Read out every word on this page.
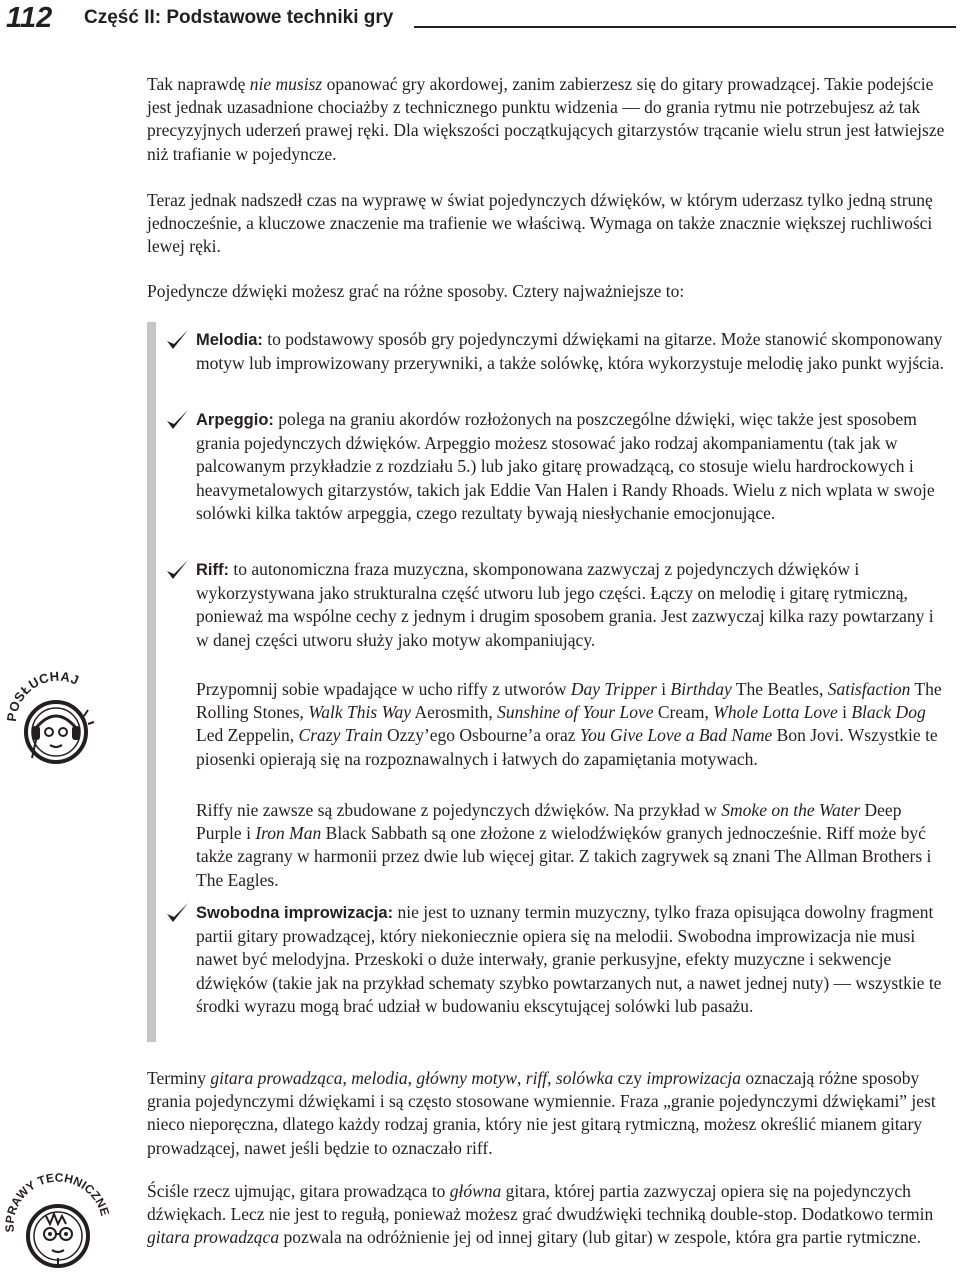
112 Część II: Podstawowe techniki gry

Tak naprawdę nie musisz opanować gry akordowej, zanim zabierzesz się do gitary prowadzącej. Takie podejście jest jednak uzasadnione chociażby z technicznego punktu widzenia — do grania rytmu nie potrzebujesz aż tak precyzyjnych uderzeń prawej ręki. Dla większości początkujących gitarzystów trącanie wielu strun jest łatwiejsze niż trafianie w pojedyncze.

Teraz jednak nadszedł czas na wyprawę w świat pojedynczych dźwięków, w którym uderzasz tylko jedną strunę jednocześnie, a kluczowe znaczenie ma trafienie we właściwą. Wymaga on także znacznie większej ruchliwości lewej ręki.

Pojedyncze dźwięki możesz grać na różne sposoby. Cztery najważniejsze to:

Melodia: to podstawowy sposób gry pojedynczymi dźwiękami na gitarze. Może stanowić skomponowany motyw lub improwizowany przerywniki, a także solówkę, która wykorzystuje melodię jako punkt wyjścia.

Arpeggio: polega na graniu akordów rozłożonych na poszczególne dźwięki, więc także jest sposobem grania pojedynczych dźwięków. Arpeggio możesz stosować jako rodzaj akompaniamentu (tak jak w palcowanym przykładzie z rozdziału 5.) lub jako gitarę prowadzącą, co stosuje wielu hardrockowych i heavymetalowych gitarzystów, takich jak Eddie Van Halen i Randy Rhoads. Wielu z nich wplata w swoje solówki kilka taktów arpeggia, czego rezultaty bywają niesłychanie emocjonujące.

Riff: to autonomiczna fraza muzyczna, skomponowana zazwyczaj z pojedynczych dźwięków i wykorzystywana jako strukturalna część utworu lub jego części. Łączy on melodię i gitarę rytmiczną, ponieważ ma wspólne cechy z jednym i drugim sposobem grania. Jest zazwyczaj kilka razy powtarzany i w danej części utworu służy jako motyw akompaniujący.

Przypomnij sobie wpadające w ucho riffy z utworów Day Tripper i Birthday The Beatles, Satisfaction The Rolling Stones, Walk This Way Aerosmith, Sunshine of Your Love Cream, Whole Lotta Love i Black Dog Led Zeppelin, Crazy Train Ozzy’ego Osbourne’a oraz You Give Love a Bad Name Bon Jovi. Wszystkie te piosenki opierają się na rozpoznawalnych i łatwych do zapamiętania motywach.

Riffy nie zawsze są zbudowane z pojedynczych dźwięków. Na przykład w Smoke on the Water Deep Purple i Iron Man Black Sabbath są one złożone z wielodźwięków granych jednocześnie. Riff może być także zagrany w harmonii przez dwie lub więcej gitar. Z takich zagrywek są znani The Allman Brothers i The Eagles.

Swobodna improwizacja: nie jest to uznany termin muzyczny, tylko fraza opisująca dowolny fragment partii gitary prowadzącej, który niekoniecznie opiera się na melodii. Swobodna improwizacja nie musi nawet być melodyjna. Przeskoki o duże interwały, granie perkusyjne, efekty muzyczne i sekwencje dźwięków (takie jak na przykład schematy szybko powtarzanych nut, a nawet jednej nuty) — wszystkie te środki wyrazu mogą brać udział w budowaniu ekscytującej solówki lub pasażu.

Terminy gitara prowadząca, melodia, główny motyw, riff, solówka czy improwizacja oznaczają różne sposoby grania pojedynczymi dźwiękami i są często stosowane wymiennie. Fraza „granie pojedynczymi dźwiękami” jest nieco nieporęczna, dlatego każdy rodzaj grania, który nie jest gitarą rytmiczną, możesz określić mianem gitary prowadzącej, nawet jeśli będzie to oznaczało riff.

Ściśle rzecz ujmując, gitara prowadząca to główna gitara, której partia zazwyczaj opiera się na pojedynczych dźwiękach. Lecz nie jest to regułą, ponieważ możesz grać dwudźwięki techniką double-stop. Dodatkowo termin gitara prowadząca pozwala na odróżnienie jej od innej gitary (lub gitar) w zespole, która gra partie rytmiczne.

POSŁUCHAJ
SPRAWY TECHNICZN
